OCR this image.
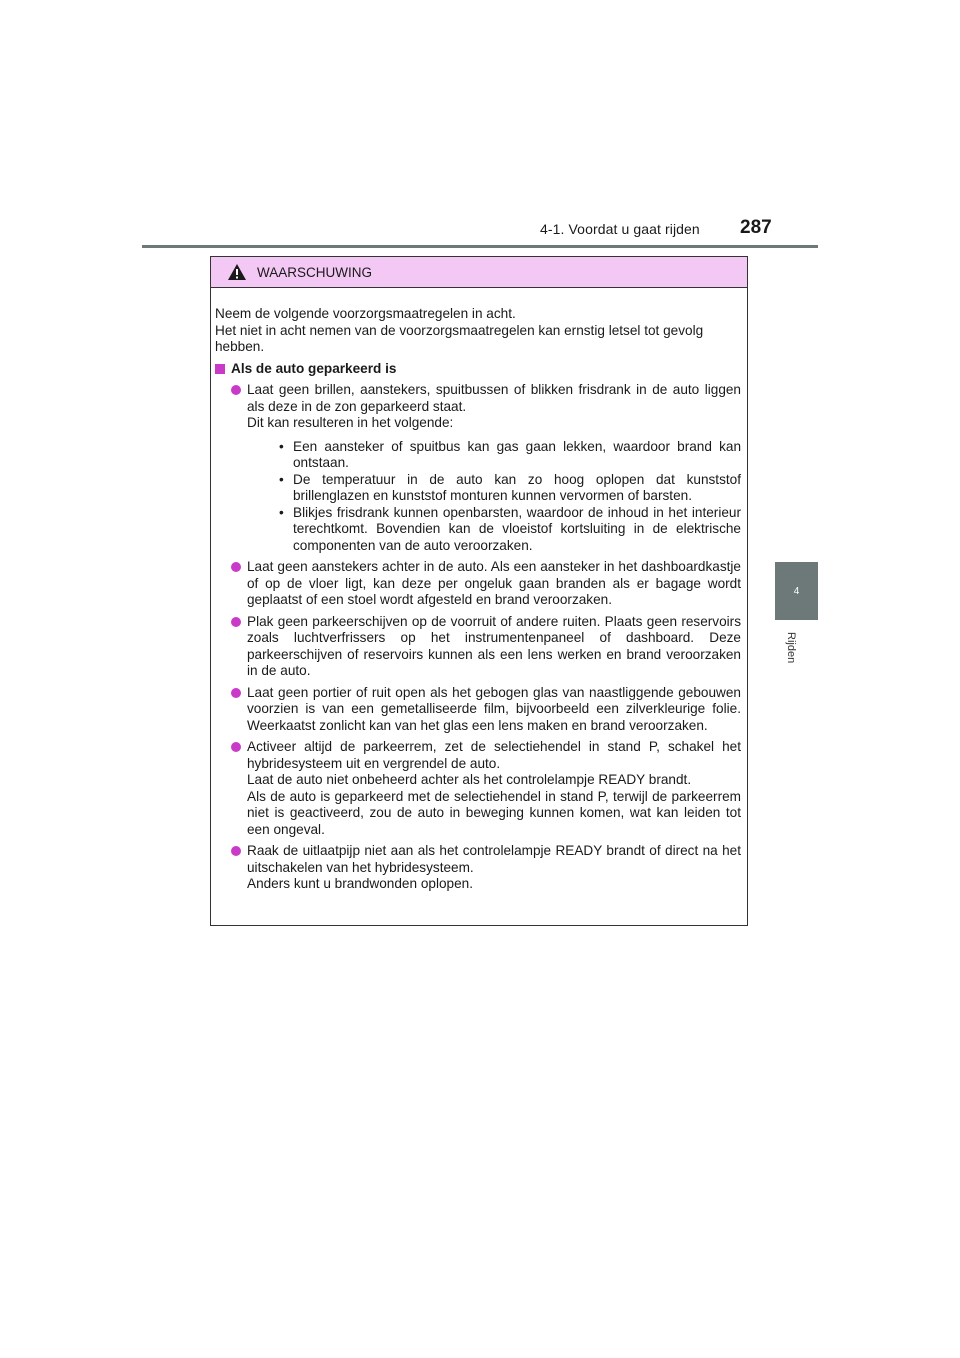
4-1. Voordat u gaat rijden 287
4
Rijden
WAARSCHUWING

Neem de volgende voorzorgsmaatregelen in acht.

Het niet in acht nemen van de voorzorgsmaatregelen kan ernstig letsel tot gevolg hebben.

Als de auto geparkeerd is

Laat geen brillen, aanstekers, spuitbussen of blikken frisdrank in de auto liggen als deze in de zon geparkeerd staat.

Dit kan resulteren in het volgende:

• Een aansteker of spuitbus kan gas gaan lekken, waardoor brand kan ontstaan.
• De temperatuur in de auto kan zo hoog oplopen dat kunststof brillenglazen en kunststof monturen kunnen vervormen of barsten.
• Blikjes frisdrank kunnen openbarsten, waardoor de inhoud in het interieur terechtkomt. Bovendien kan de vloeistof kortsluiting in de elektrische componenten van de auto veroorzaken.

Laat geen aanstekers achter in de auto. Als een aansteker in het dashboardkastje of op de vloer ligt, kan deze per ongeluk gaan branden als er bagage wordt geplaatst of een stoel wordt afgesteld en brand veroorzaken.

Plak geen parkeerschijven op de voorruit of andere ruiten. Plaats geen reservoirs zoals luchtverfrissers op het instrumentenpaneel of dashboard. Deze parkeerschijven of reservoirs kunnen als een lens werken en brand veroorzaken in de auto.

Laat geen portier of ruit open als het gebogen glas van naastliggende gebouwen voorzien is van een gemetalliseerde film, bijvoorbeeld een zilverkleurige folie. Weerkaatst zonlicht kan van het glas een lens maken en brand veroorzaken.

Activeer altijd de parkeerrem, zet de selectiehendel in stand P, schakel het hybridesysteem uit en vergrendel de auto.

Laat de auto niet onbeheerd achter als het controlelampje READY brandt.

Als de auto is geparkeerd met de selectiehendel in stand P, terwijl de parkeerrem niet is geactiveerd, zou de auto in beweging kunnen komen, wat kan leiden tot een ongeval.

Raak de uitlaatpijp niet aan als het controlelampje READY brandt of direct na het uitschakelen van het hybridesysteem.

Anders kunt u brandwonden oplopen.
